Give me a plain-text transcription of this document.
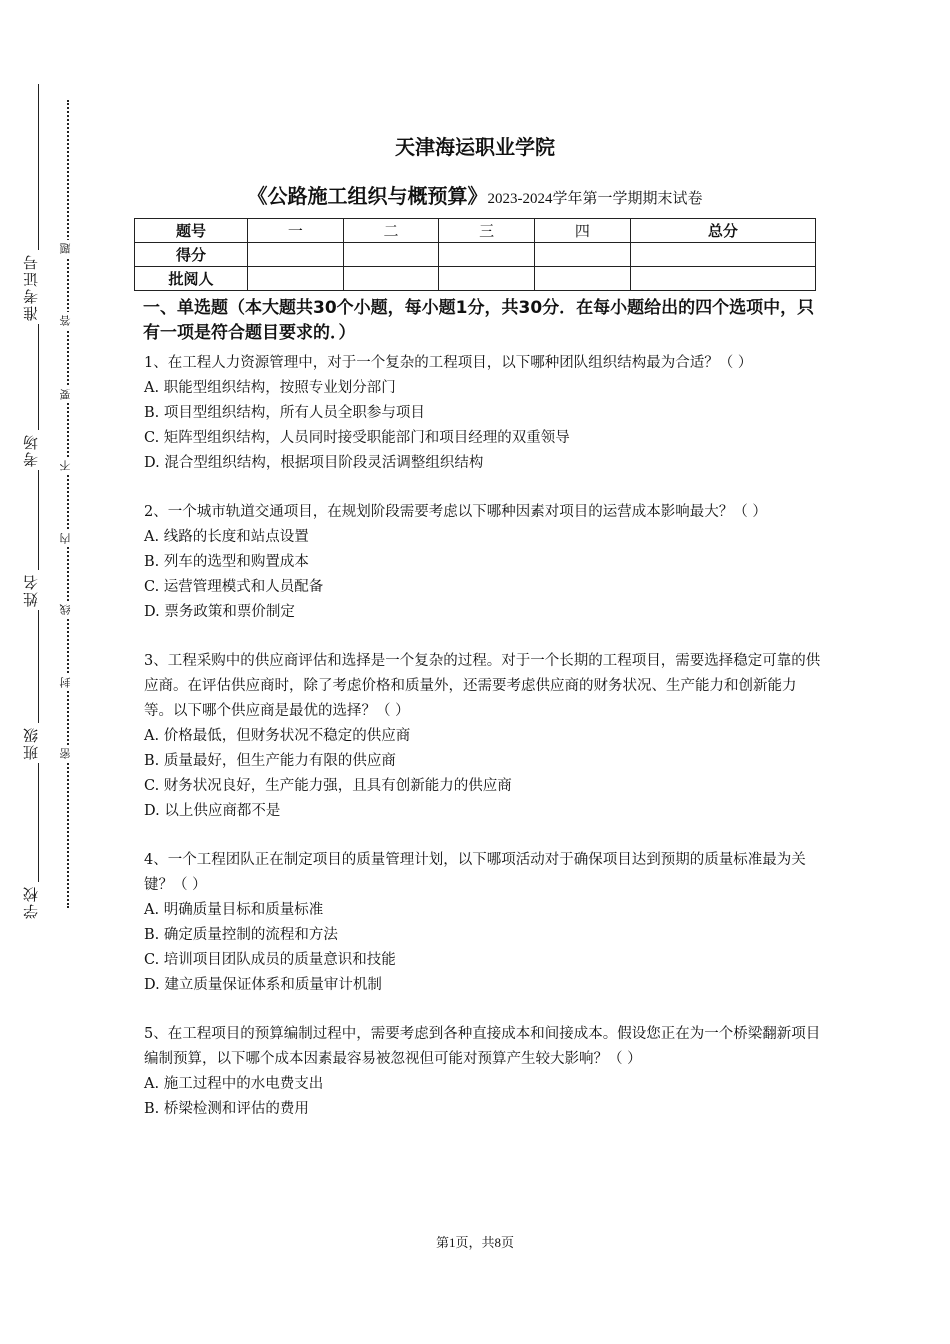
准考证号
考场
姓名
班级
学校
题
答
要
不
内
线
封
密
天津海运职业学院
《公路施工组织与概预算》2023-2024学年第一学期期末试卷
题号	一	二	三	四	总分
得分					
批阅人					
一、单选题（本大题共30个小题，每小题1分，共30分．在每小题给出的四个选项中，只有一项是符合题目要求的．）
1、在工程人力资源管理中，对于一个复杂的工程项目，以下哪种团队组织结构最为合适？（ ）
A. 职能型组织结构，按照专业划分部门
B. 项目型组织结构，所有人员全职参与项目
C. 矩阵型组织结构，人员同时接受职能部门和项目经理的双重领导
D. 混合型组织结构，根据项目阶段灵活调整组织结构
2、一个城市轨道交通项目，在规划阶段需要考虑以下哪种因素对项目的运营成本影响最大？（ ）
A. 线路的长度和站点设置
B. 列车的选型和购置成本
C. 运营管理模式和人员配备
D. 票务政策和票价制定
3、工程采购中的供应商评估和选择是一个复杂的过程。对于一个长期的工程项目，需要选择稳定可靠的供应商。在评估供应商时，除了考虑价格和质量外，还需要考虑供应商的财务状况、生产能力和创新能力等。以下哪个供应商是最优的选择？（ ）
A. 价格最低，但财务状况不稳定的供应商
B. 质量最好，但生产能力有限的供应商
C. 财务状况良好，生产能力强，且具有创新能力的供应商
D. 以上供应商都不是
4、一个工程团队正在制定项目的质量管理计划，以下哪项活动对于确保项目达到预期的质量标准最为关键？（ ）
A. 明确质量目标和质量标准
B. 确定质量控制的流程和方法
C. 培训项目团队成员的质量意识和技能
D. 建立质量保证体系和质量审计机制
5、在工程项目的预算编制过程中，需要考虑到各种直接成本和间接成本。假设您正在为一个桥梁翻新项目编制预算，以下哪个成本因素最容易被忽视但可能对预算产生较大影响？（ ）
A. 施工过程中的水电费支出
B. 桥梁检测和评估的费用
第1页，共8页
